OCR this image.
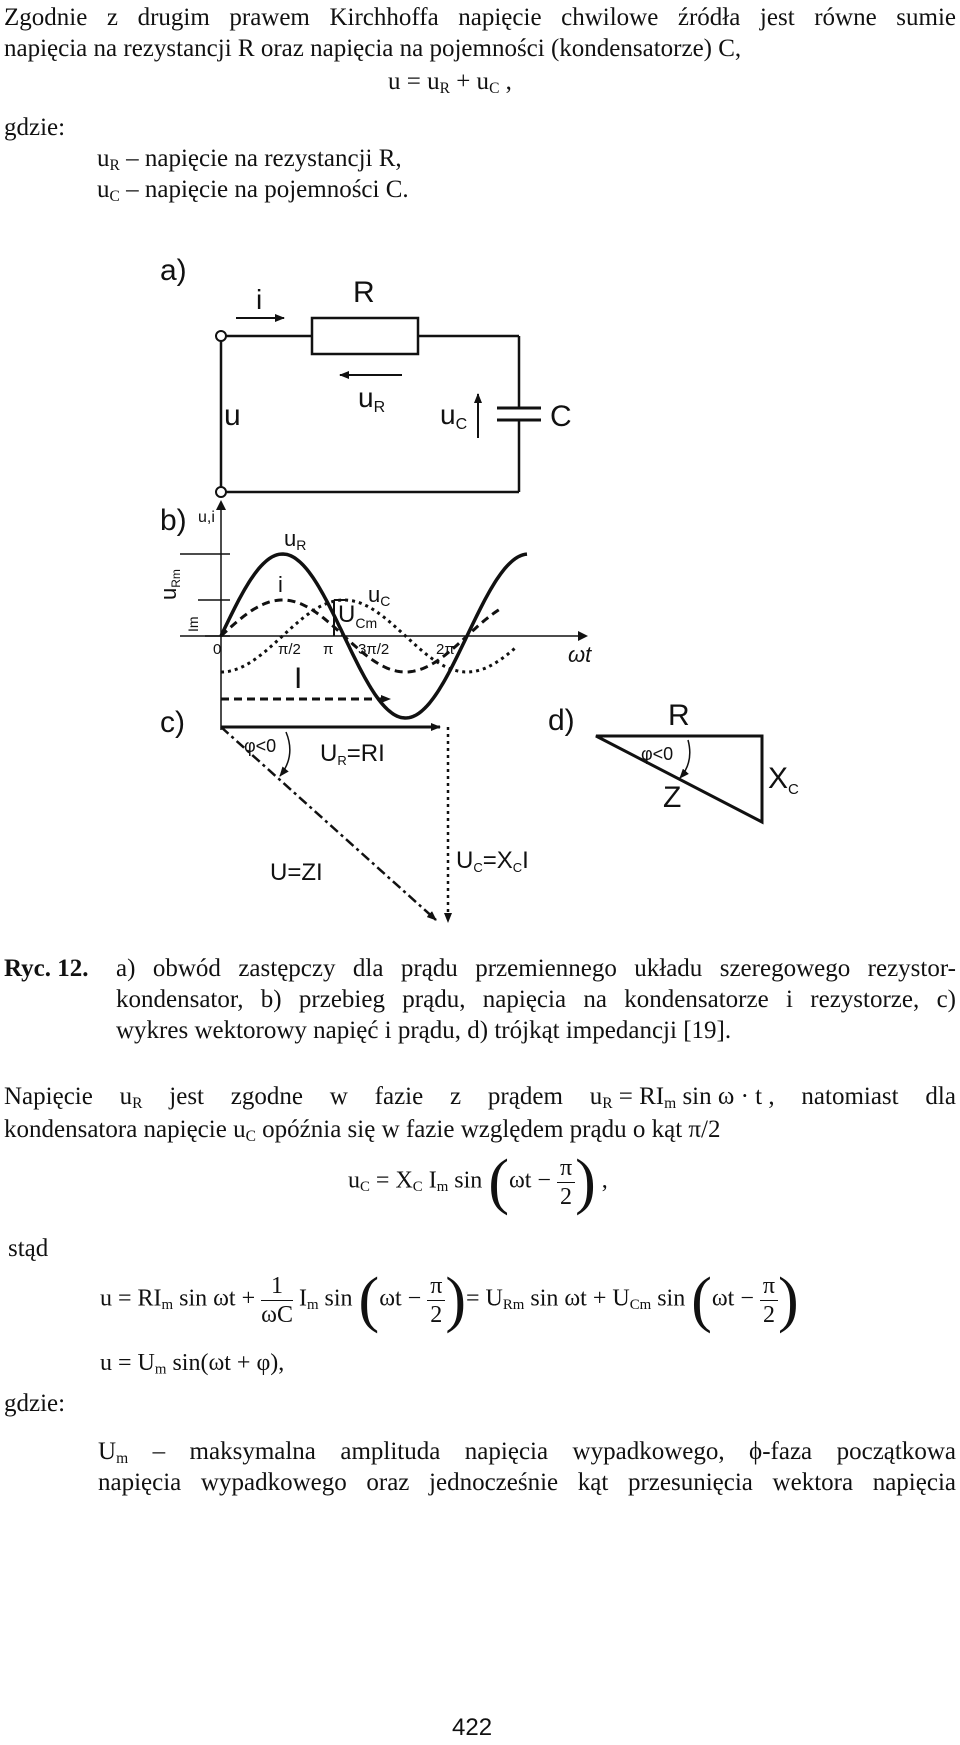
Zgodnie z drugim prawem Kirchhoffa napięcie chwilowe źródła jest równe sumie
napięcia na rezystancji R oraz napięcia na pojemności (kondensatorze) C,
$u = u_R + u_C$ ,
gdzie:
$u_R$ – napięcie na rezystancji R,
$u_C$ – napięcie na pojemności C.
a)
i	R
uR
u	uC	C
b) u,i
ωt
uR
i	uC
$U_{Cm}$
uRm
Im
0	π/2 π 3π/2	2π
c)
I
UR=RI
UC=XCI
U=ZI
φ<0
d)	R
Z
$X_C$
φ<0
Ryc. 12. a) obwód zastępczy dla prądu przemiennego układu szeregowego rezystor-
kondensator, b) przebieg prądu, napięcia na kondensatorze i rezystorze, c)
wykres wektorowy napięć i prądu, d) trójkąt impedancji [19].
Napięcie $u_R$ jest zgodne w fazie z prądem $u_R = RI_m$ sin ω · t , natomiast dla
kondensatora napięcie $u_C$ opóźnia się w fazie względem prądu o kąt π/2
$u_C = X_C$ $I_m$ $\sin (\omega t - \frac{\pi}{2}$ ) ,
stąd
$u = RI_m$ $\sin \omega t + \frac{1}{\omega C} I_m$ $\sin (\omega t - \frac{\pi}{2}$ )= $U_{Rm}$ $\sin \omega t + U_{Cm}$ $\sin (\omega t - \frac{\pi}{2}$ )
$u = U_m$ sin(ωt + φ),
gdzie:
$U_m$ – maksymalna amplituda napięcia wypadkowego, ϕ-faza początkowa
napięcia wypadkowego oraz jednocześnie kąt przesunięcia wektora napięcia
422
